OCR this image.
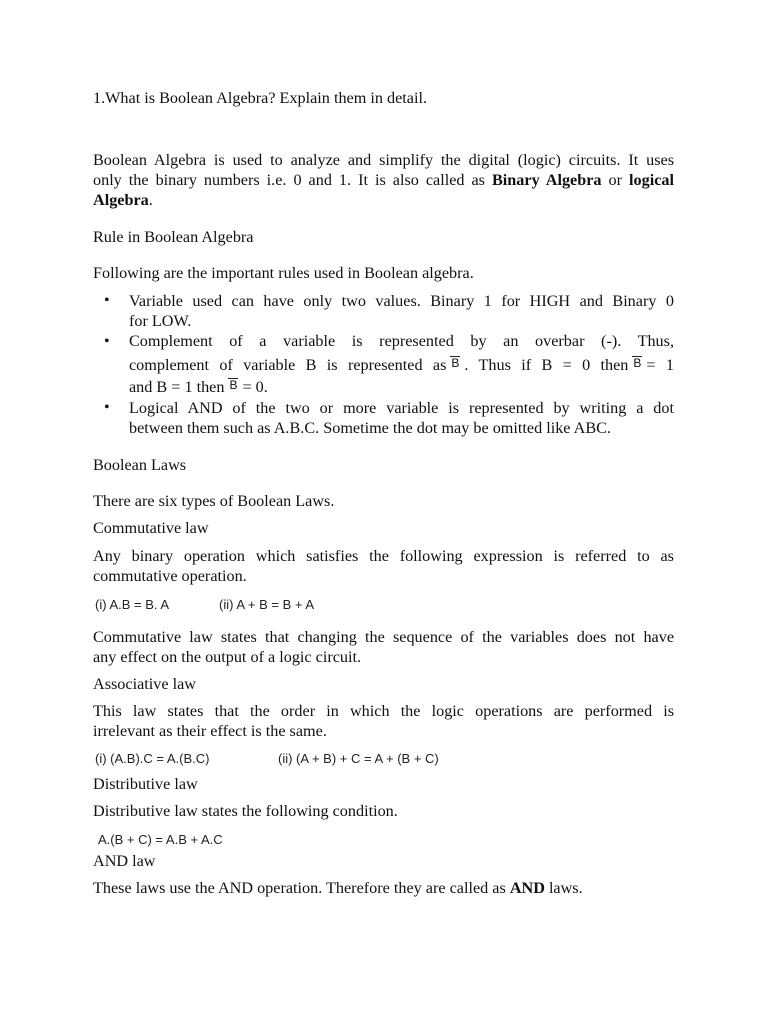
1.What is Boolean Algebra? Explain them in detail.
Boolean Algebra is used to analyze and simplify the digital (logic) circuits. It uses
only the binary numbers i.e. 0 and 1. It is also called as Binary Algebra or logical
Algebra.
Rule in Boolean Algebra
Following are the important rules used in Boolean algebra.
• Variable used can have only two values. Binary 1 for HIGH and Binary 0
for LOW.
• Complement of a variable is represented by an overbar (-). Thus,
complement of variable B is represented as B . Thus if B = 0 then B = 1
and B = 1 then B = 0.
• Logical AND of the two or more variable is represented by writing a dot
between them such as A.B.C. Sometime the dot may be omitted like ABC.
Boolean Laws
There are six types of Boolean Laws.
Commutative law
Any binary operation which satisfies the following expression is referred to as
commutative operation.
(i) A.B = B. A	(ii) A + B = B + A
Commutative law states that changing the sequence of the variables does not have
any effect on the output of a logic circuit.
Associative law
This law states that the order in which the logic operations are performed is
irrelevant as their effect is the same.
(i) (A.B).C = A.(B.C)	(ii) (A + B) + C = A + (B + C)
Distributive law
Distributive law states the following condition.
A.(B + C) = A.B + A.C
AND law
These laws use the AND operation. Therefore they are called as AND laws.
